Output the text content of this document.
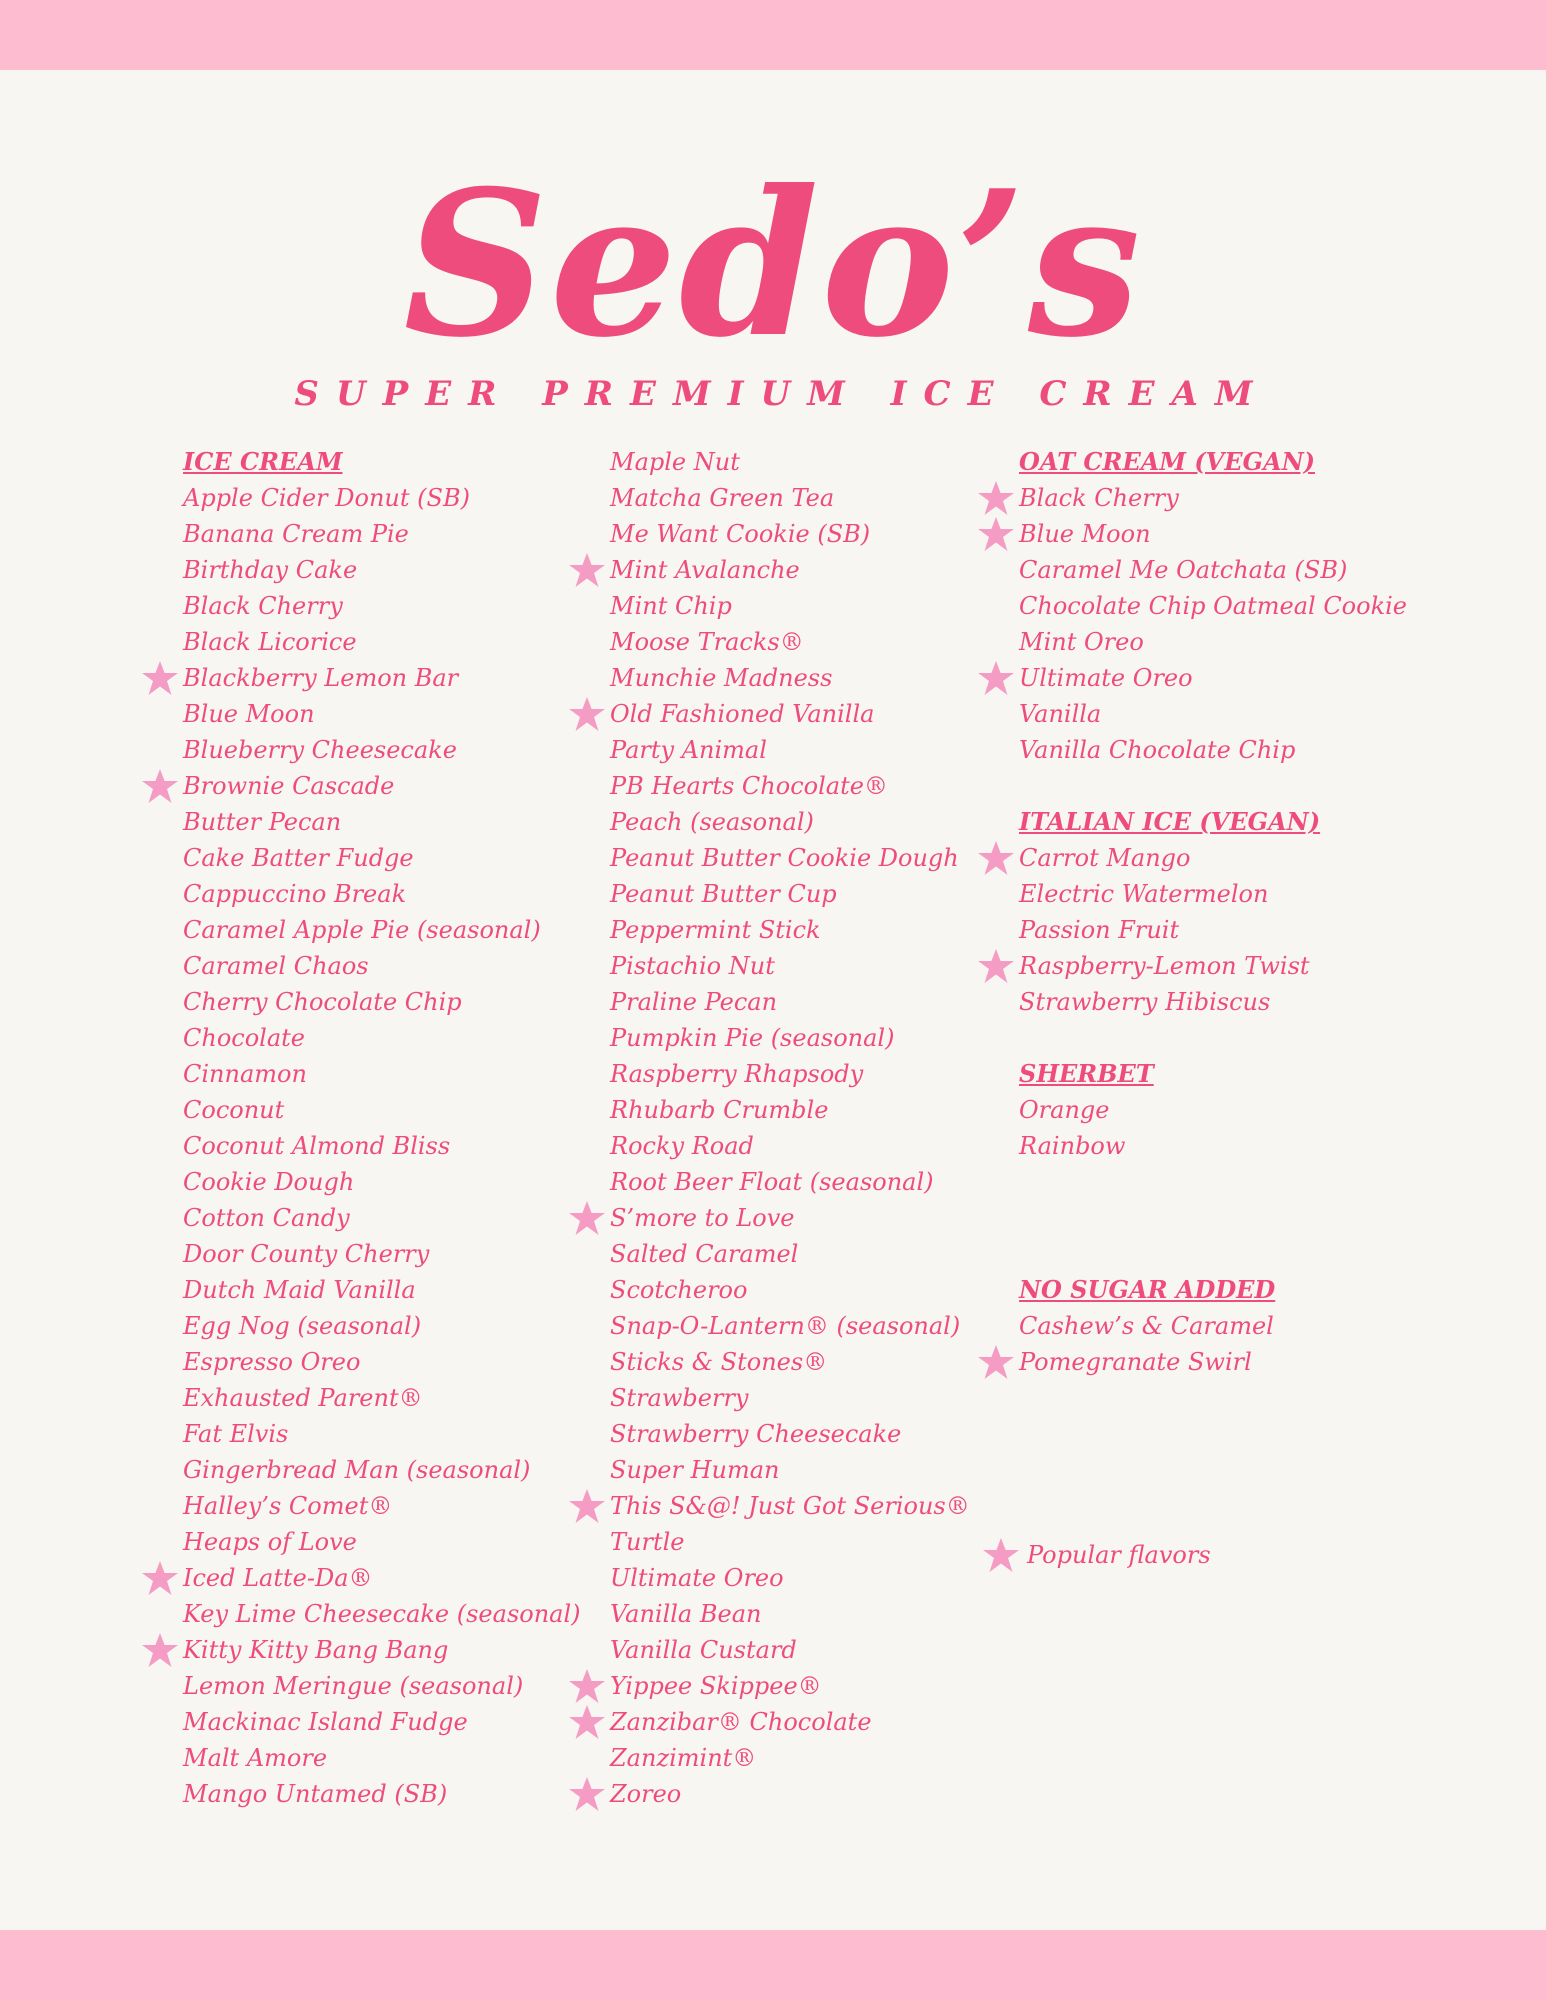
Sedo’s
SUPER PREMIUM ICE CREAM
ICE CREAM
Apple Cider Donut (SB)
Banana Cream Pie
Birthday Cake
Black Cherry
Black Licorice
Blackberry Lemon Bar
Blue Moon
Blueberry Cheesecake
Brownie Cascade
Butter Pecan
Cake Batter Fudge
Cappuccino Break
Caramel Apple Pie (seasonal)
Caramel Chaos
Cherry Chocolate Chip
Chocolate
Cinnamon
Coconut
Coconut Almond Bliss
Cookie Dough
Cotton Candy
Door County Cherry
Dutch Maid Vanilla
Egg Nog (seasonal)
Espresso Oreo
Exhausted Parent®
Fat Elvis
Gingerbread Man (seasonal)
Halley’s Comet®
Heaps of Love
Iced Latte-Da®
Key Lime Cheesecake (seasonal)
Kitty Kitty Bang Bang
Lemon Meringue (seasonal)
Mackinac Island Fudge
Malt Amore
Mango Untamed (SB)
Maple Nut
Matcha Green Tea
Me Want Cookie (SB)
Mint Avalanche
Mint Chip
Moose Tracks®
Munchie Madness
Old Fashioned Vanilla
Party Animal
PB Hearts Chocolate®
Peach (seasonal)
Peanut Butter Cookie Dough
Peanut Butter Cup
Peppermint Stick
Pistachio Nut
Praline Pecan
Pumpkin Pie (seasonal)
Raspberry Rhapsody
Rhubarb Crumble
Rocky Road
Root Beer Float (seasonal)
S’more to Love
Salted Caramel
Scotcheroo
Snap-O-Lantern® (seasonal)
Sticks & Stones®
Strawberry
Strawberry Cheesecake
Super Human
This S&@! Just Got Serious®
Turtle
Ultimate Oreo
Vanilla Bean
Vanilla Custard
Yippee Skippee®
Zanzibar® Chocolate
Zanzimint®
Zoreo
OAT CREAM (VEGAN)
Black Cherry
Blue Moon
Caramel Me Oatchata (SB)
Chocolate Chip Oatmeal Cookie
Mint Oreo
Ultimate Oreo
Vanilla
Vanilla Chocolate Chip
ITALIAN ICE (VEGAN)
Carrot Mango
Electric Watermelon
Passion Fruit
Raspberry-Lemon Twist
Strawberry Hibiscus
SHERBET
Orange
Rainbow
NO SUGAR ADDED
Cashew’s & Caramel
Pomegranate Swirl
Popular flavors
